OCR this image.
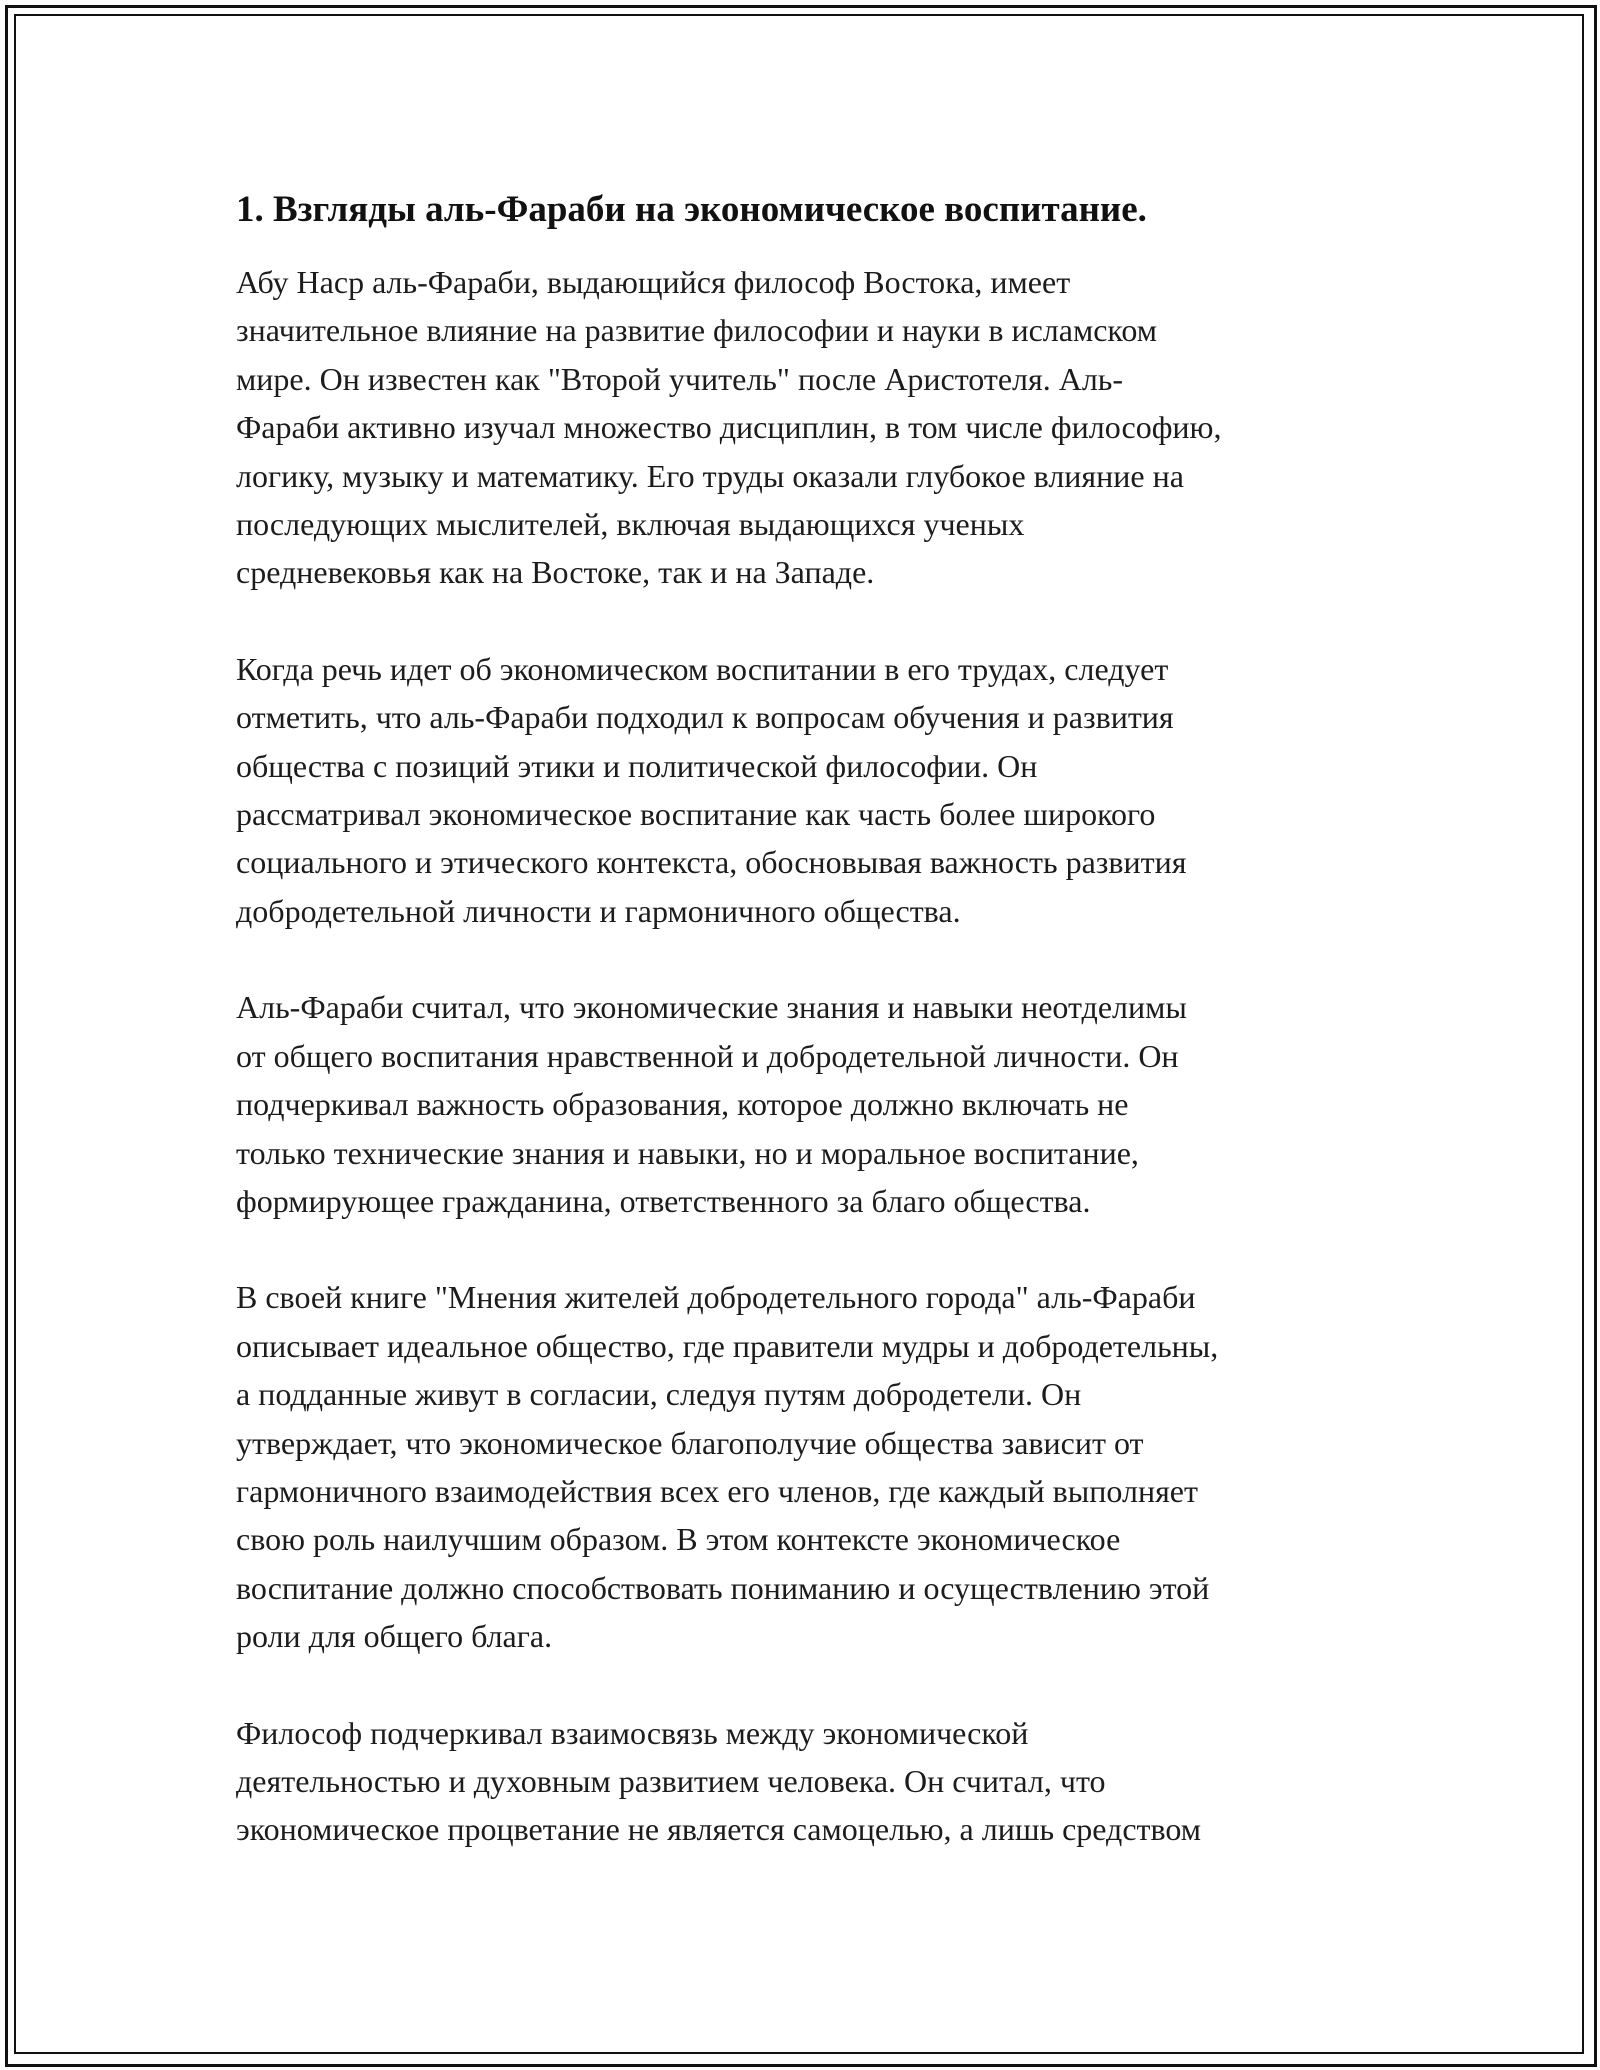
1. Взгляды аль-Фараби на экономическое воспитание.

Абу Наср аль-Фараби, выдающийся философ Востока, имеет
значительное влияние на развитие философии и науки в исламском
мире. Он известен как "Второй учитель" после Аристотеля. Аль-
Фараби активно изучал множество дисциплин, в том числе философию,
логику, музыку и математику. Его труды оказали глубокое влияние на
последующих мыслителей, включая выдающихся ученых
средневековья как на Востоке, так и на Западе.

Когда речь идет об экономическом воспитании в его трудах, следует
отметить, что аль-Фараби подходил к вопросам обучения и развития
общества с позиций этики и политической философии. Он
рассматривал экономическое воспитание как часть более широкого
социального и этического контекста, обосновывая важность развития
добродетельной личности и гармоничного общества.

Аль-Фараби считал, что экономические знания и навыки неотделимы
от общего воспитания нравственной и добродетельной личности. Он
подчеркивал важность образования, которое должно включать не
только технические знания и навыки, но и моральное воспитание,
формирующее гражданина, ответственного за благо общества.

В своей книге "Мнения жителей добродетельного города" аль-Фараби
описывает идеальное общество, где правители мудры и добродетельны,
а подданные живут в согласии, следуя путям добродетели. Он
утверждает, что экономическое благополучие общества зависит от
гармоничного взаимодействия всех его членов, где каждый выполняет
свою роль наилучшим образом. В этом контексте экономическое
воспитание должно способствовать пониманию и осуществлению этой
роли для общего блага.

Философ подчеркивал взаимосвязь между экономической
деятельностью и духовным развитием человека. Он считал, что
экономическое процветание не является самоцелью, а лишь средством
